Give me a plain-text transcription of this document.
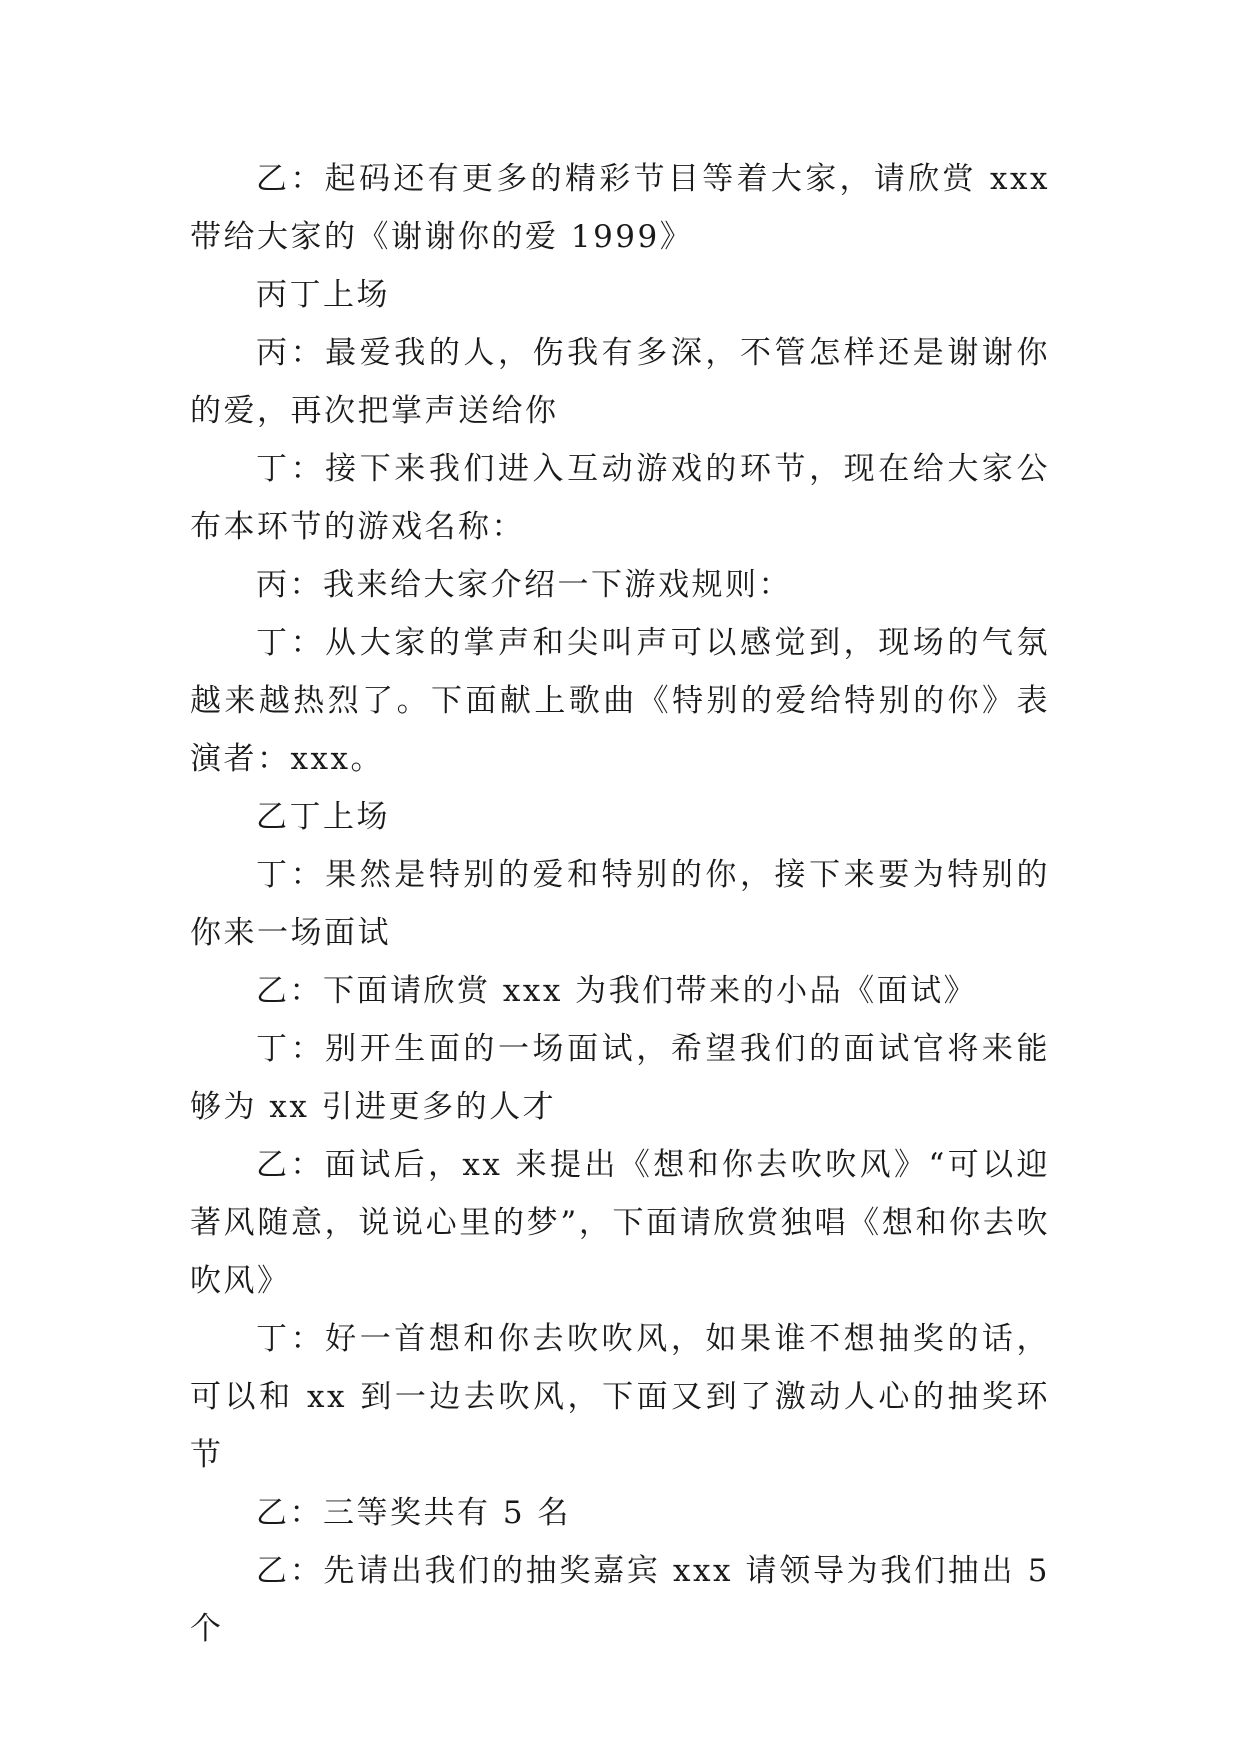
乙：起码还有更多的精彩节目等着大家，请欣赏 xxx 带给大家的《谢谢你的爱 1999》

丙丁上场

丙：最爱我的人，伤我有多深，不管怎样还是谢谢你的爱，再次把掌声送给你

丁：接下来我们进入互动游戏的环节，现在给大家公布本环节的游戏名称：

丙：我来给大家介绍一下游戏规则：

丁：从大家的掌声和尖叫声可以感觉到，现场的气氛越来越热烈了。下面献上歌曲《特别的爱给特别的你》表演者：xxx。

乙丁上场

丁：果然是特别的爱和特别的你，接下来要为特别的你来一场面试

乙：下面请欣赏 xxx 为我们带来的小品《面试》

丁：别开生面的一场面试，希望我们的面试官将来能够为 xx 引进更多的人才

乙：面试后，xx 来提出《想和你去吹吹风》“可以迎著风随意，说说心里的梦”，下面请欣赏独唱《想和你去吹吹风》

丁：好一首想和你去吹吹风，如果谁不想抽奖的话，可以和 xx 到一边去吹风，下面又到了激动人心的抽奖环节

乙：三等奖共有 5 名

乙：先请出我们的抽奖嘉宾 xxx 请领导为我们抽出 5 个
